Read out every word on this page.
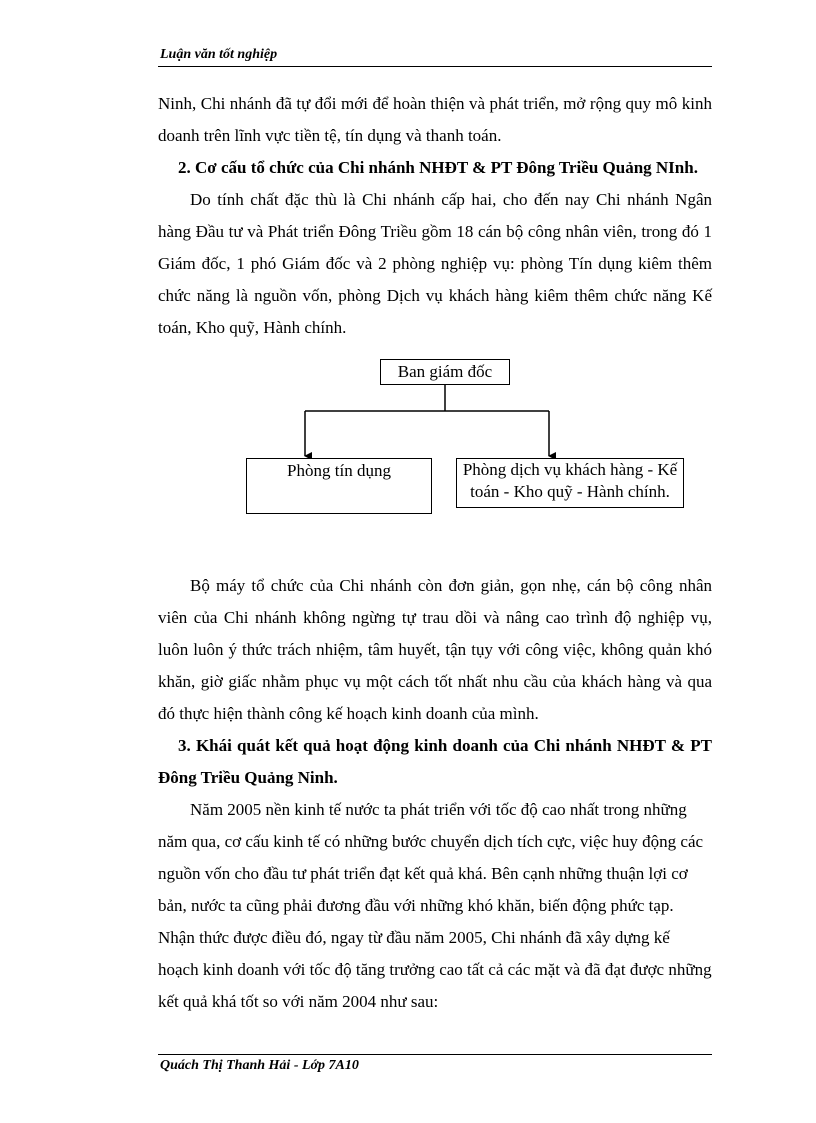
Luận văn tốt nghiệp

Ninh, Chi nhánh đã tự đổi mới để hoàn thiện và phát triển, mở rộng quy mô kinh doanh trên lĩnh vực tiền tệ, tín dụng và thanh toán.

2. Cơ cấu tổ chức của Chi nhánh NHĐT & PT Đông Triều Quảng NInh.

Do tính chất đặc thù là Chi nhánh cấp hai, cho đến nay Chi nhánh Ngân hàng Đầu tư và Phát triển Đông Triều gồm 18 cán bộ công nhân viên, trong đó 1 Giám đốc, 1 phó Giám đốc và 2 phòng nghiệp vụ: phòng Tín dụng kiêm thêm chức năng là nguồn vốn, phòng Dịch vụ khách hàng kiêm thêm chức năng Kế toán, Kho quỹ, Hành chính.

Ban giám đốc
Phòng tín dụng	Phòng dịch vụ khách hàng - Kế toán - Kho quỹ - Hành chính.

Bộ máy tổ chức của Chi nhánh còn đơn giản, gọn nhẹ, cán bộ công nhân viên của Chi nhánh không ngừng tự trau dồi và nâng cao trình độ nghiệp vụ, luôn luôn ý thức trách nhiệm, tâm huyết, tận tụy với công việc, không quản khó khăn, giờ giấc nhằm phục vụ một cách tốt nhất nhu cầu của khách hàng và qua đó thực hiện thành công kế hoạch kinh doanh của mình.

3. Khái quát kết quả hoạt động kinh doanh của Chi nhánh NHĐT & PT Đông Triều Quảng Ninh.

Năm 2005 nền kinh tế nước ta phát triển với tốc độ cao nhất trong những năm qua, cơ cấu kinh tế có những bước chuyển dịch tích cực, việc huy động các nguồn vốn cho đầu tư phát triển đạt kết quả khá. Bên cạnh những thuận lợi cơ bản, nước ta cũng phải đương đầu với những khó khăn, biến động phức tạp. Nhận thức được điều đó, ngay từ đầu năm 2005, Chi nhánh đã xây dựng kế hoạch kinh doanh với tốc độ tăng trưởng cao tất cả các mặt và đã đạt được những kết quả khá tốt so với năm 2004 như sau:

Quách Thị Thanh Hải - Lớp 7A10
